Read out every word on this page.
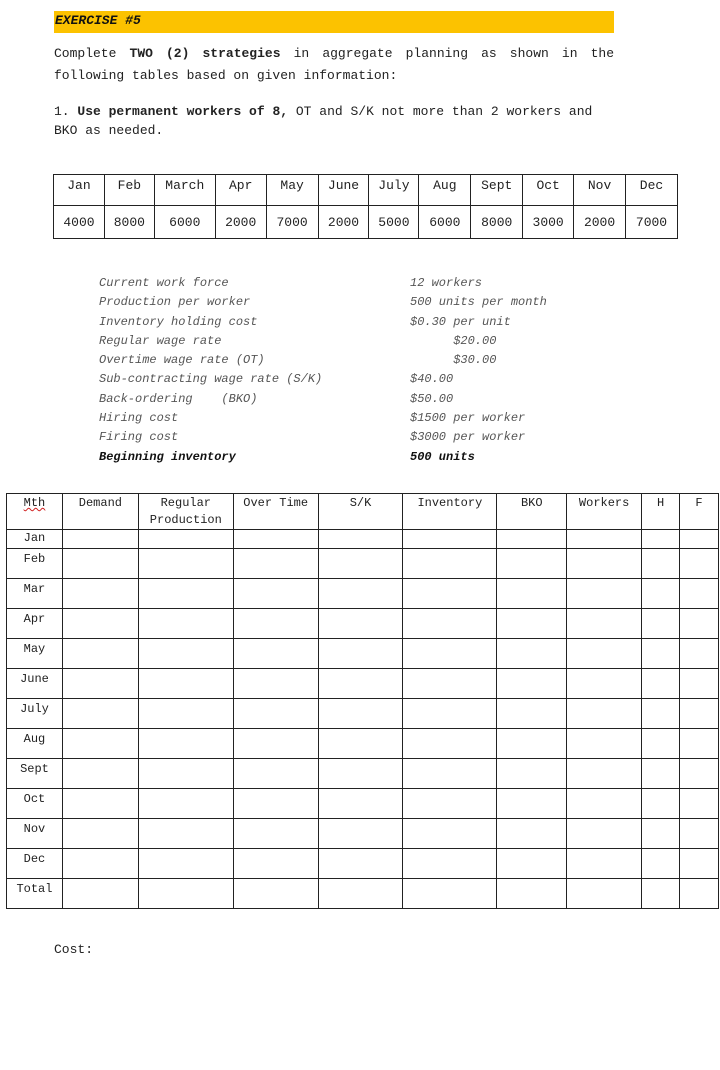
EXERCISE #5
Complete TWO (2) strategies in aggregate planning as shown in the following tables based on given information:
1. Use permanent workers of 8, OT and S/K not more than 2 workers and BKO as needed.
Jan	Feb	March	Apr	May	June	July	Aug	Sept	Oct	Nov	Dec
4000	8000	6000	2000	7000	2000	5000	6000	8000	3000	2000	7000
Current work force	12 workers
Production per worker	500 units per month
Inventory holding cost	$0.30 per unit
Regular wage rate	$20.00
Overtime wage rate (OT)	$30.00
Sub-contracting wage rate (S/K)	$40.00
Back-ordering    (BKO)	$50.00
Hiring cost	$1500 per worker
Firing cost	$3000 per worker
Beginning inventory	500 units
Mth	Demand	Regular Production	Over Time	S/K	Inventory	BKO	Workers	H	F
Jan									
Feb									
Mar									
Apr									
May									
June									
July									
Aug									
Sept									
Oct									
Nov									
Dec									
Total									
Cost:
